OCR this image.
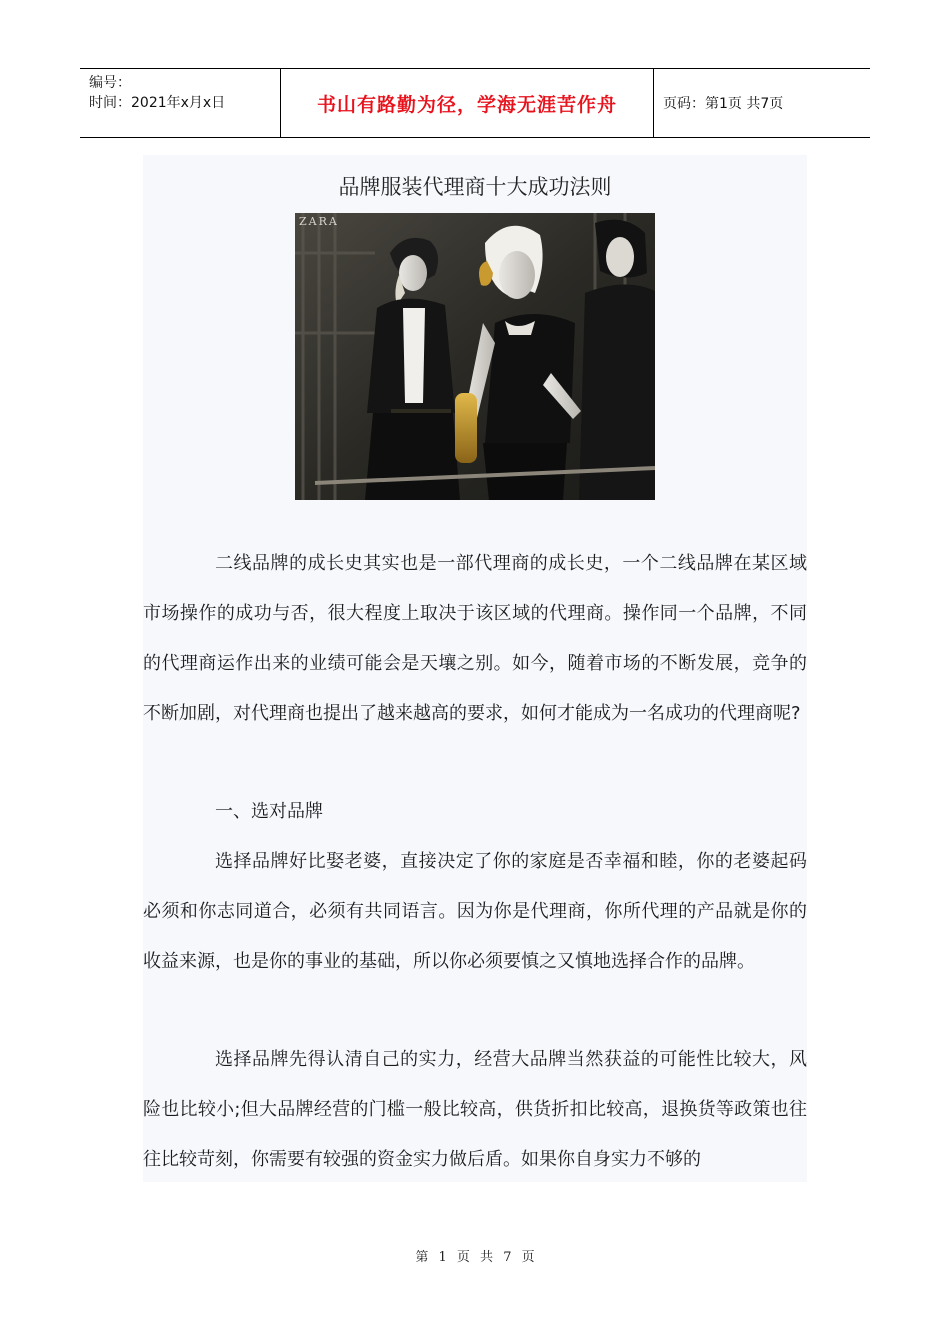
编号：
时间：2021年x月x日	书山有路勤为径，学海无涯苦作舟	页码：第1页 共7页
品牌服装代理商十大成功法则
ZARA

二线品牌的成长史其实也是一部代理商的成长史，一个二线品牌在某区域市场操作的成功与否，很大程度上取决于该区域的代理商。操作同一个品牌，不同的代理商运作出来的业绩可能会是天壤之别。如今，随着市场的不断发展，竞争的不断加剧，对代理商也提出了越来越高的要求，如何才能成为一名成功的代理商呢?

一、选对品牌

选择品牌好比娶老婆，直接决定了你的家庭是否幸福和睦，你的老婆起码必须和你志同道合，必须有共同语言。因为你是代理商，你所代理的产品就是你的收益来源，也是你的事业的基础，所以你必须要慎之又慎地选择合作的品牌。

选择品牌先得认清自己的实力，经营大品牌当然获益的可能性比较大，风险也比较小;但大品牌经营的门槛一般比较高，供货折扣比较高，退换货等政策也往往比较苛刻，你需要有较强的资金实力做后盾。如果你自身实力不够的

第 1 页 共 7 页
